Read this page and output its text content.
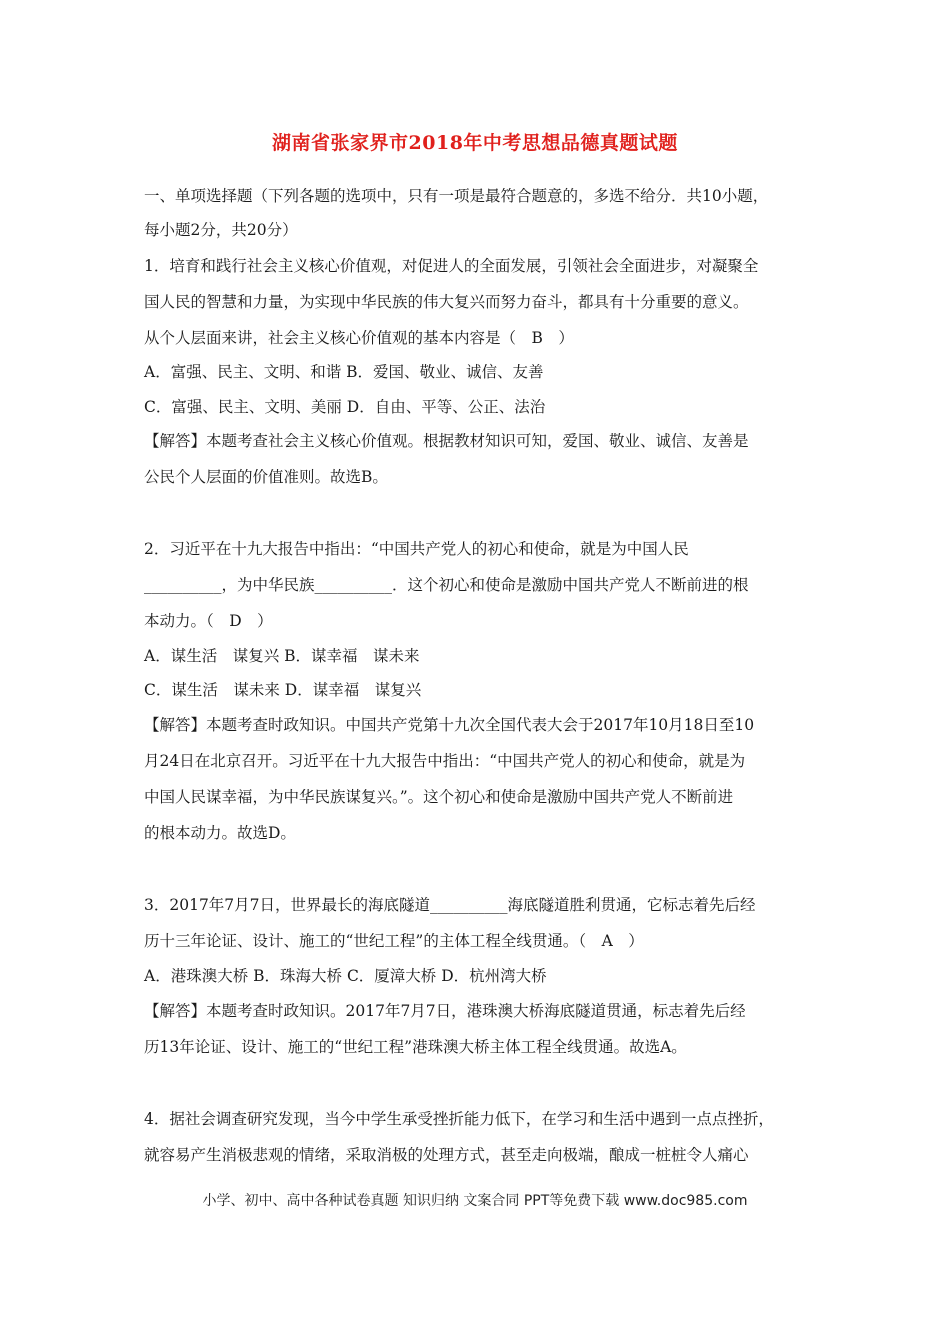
湖南省张家界市2018年中考思想品德真题试题
一、单项选择题（下列各题的选项中，只有一项是最符合题意的，多选不给分．共10小题，
每小题2分，共20分）
1．培育和践行社会主义核心价值观，对促进人的全面发展，引领社会全面进步，对凝聚全
国人民的智慧和力量，为实现中华民族的伟大复兴而努力奋斗，都具有十分重要的意义。
从个人层面来讲，社会主义核心价值观的基本内容是（　B　）
A．富强、民主、文明、和谐 B．爱国、敬业、诚信、友善
C．富强、民主、文明、美丽 D．自由、平等、公正、法治
【解答】本题考查社会主义核心价值观。根据教材知识可知，爱国、敬业、诚信、友善是
公民个人层面的价值准则。故选B。
2．习近平在十九大报告中指出：“中国共产党人的初心和使命，就是为中国人民
__________，为中华民族__________．这个初心和使命是激励中国共产党人不断前进的根
本动力。（　D　）
A．谋生活　谋复兴 B．谋幸福　谋未来
C．谋生活　谋未来 D．谋幸福　谋复兴
【解答】本题考查时政知识。中国共产党第十九次全国代表大会于2017年10月18日至10
月24日在北京召开。习近平在十九大报告中指出：“中国共产党人的初心和使命，就是为
中国人民谋幸福，为中华民族谋复兴。”。这个初心和使命是激励中国共产党人不断前进
的根本动力。故选D。
3．2017年7月7日，世界最长的海底隧道__________海底隧道胜利贯通，它标志着先后经
历十三年论证、设计、施工的“世纪工程”的主体工程全线贯通。（　A　）
A．港珠澳大桥 B．珠海大桥 C．厦漳大桥 D．杭州湾大桥
【解答】本题考查时政知识。2017年7月7日，港珠澳大桥海底隧道贯通，标志着先后经
历13年论证、设计、施工的“世纪工程”港珠澳大桥主体工程全线贯通。故选A。
4．据社会调查研究发现，当今中学生承受挫折能力低下，在学习和生活中遇到一点点挫折，
就容易产生消极悲观的情绪，采取消极的处理方式，甚至走向极端，酿成一桩桩令人痛心
小学、初中、高中各种试卷真题 知识归纳 文案合同 PPT等免费下载 www.doc985.com
